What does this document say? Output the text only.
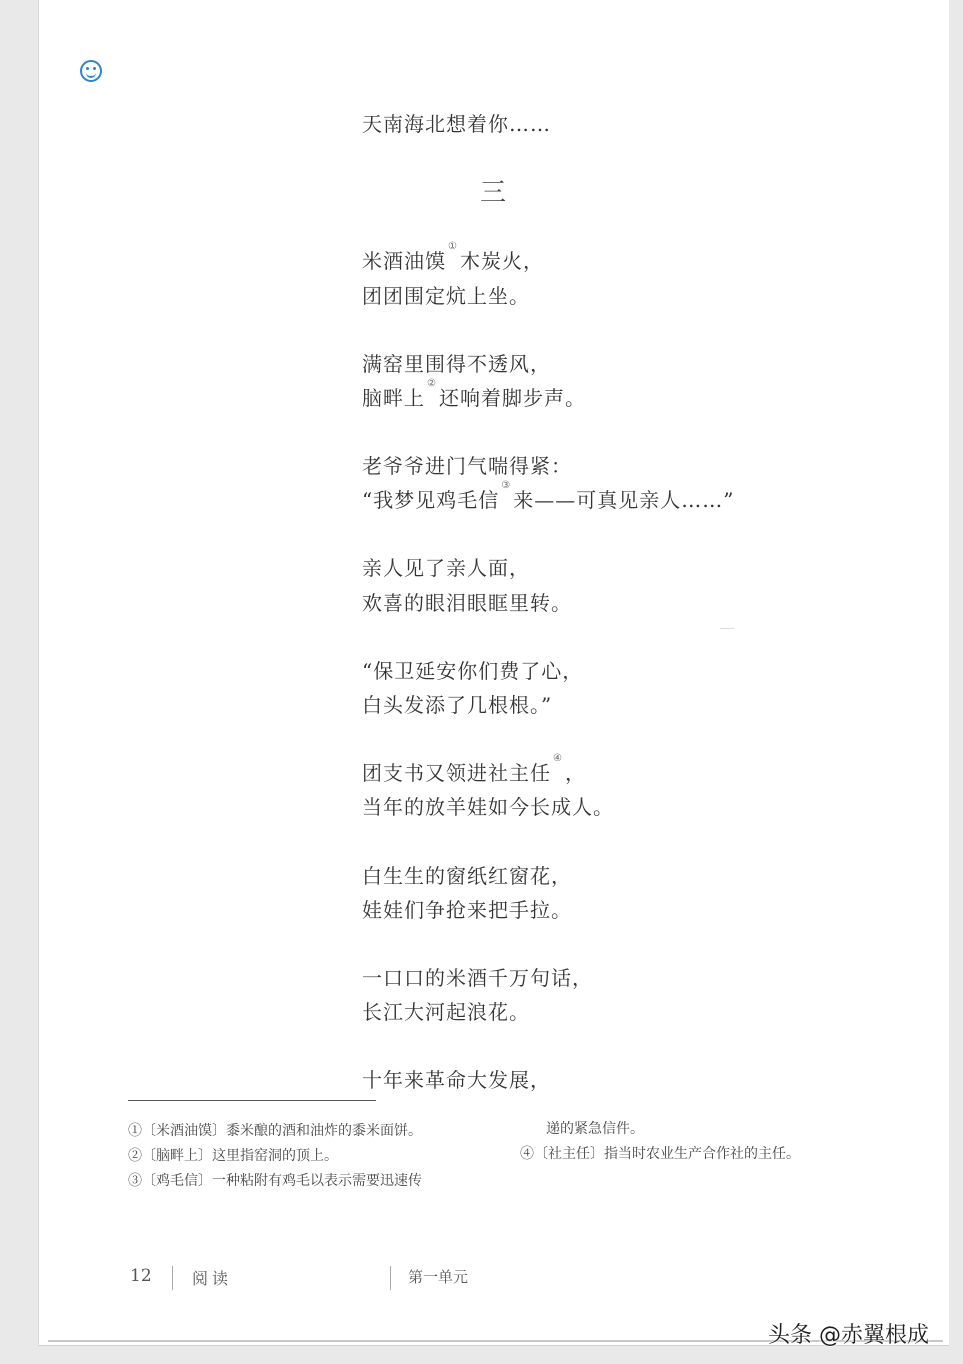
天南海北想着你……
三
米酒油馍①木炭火，
团团围定炕上坐。
满窑里围得不透风，
脑畔上②还响着脚步声。
老爷爷进门气喘得紧：
“我梦见鸡毛信③来——可真见亲人……”
亲人见了亲人面，
欢喜的眼泪眼眶里转。
“保卫延安你们费了心，
白头发添了几根根。”
团支书又领进社主任④，
当年的放羊娃如今长成人。
白生生的窗纸红窗花，
娃娃们争抢来把手拉。
一口口的米酒千万句话，
长江大河起浪花。
十年来革命大发展，
①〔米酒油馍〕黍米酿的酒和油炸的黍米面饼。
②〔脑畔上〕这里指窑洞的顶上。
③〔鸡毛信〕一种粘附有鸡毛以表示需要迅速传
递的紧急信件。
④〔社主任〕指当时农业生产合作社的主任。
12	阅读	第一单元
头条 @赤翼根成
